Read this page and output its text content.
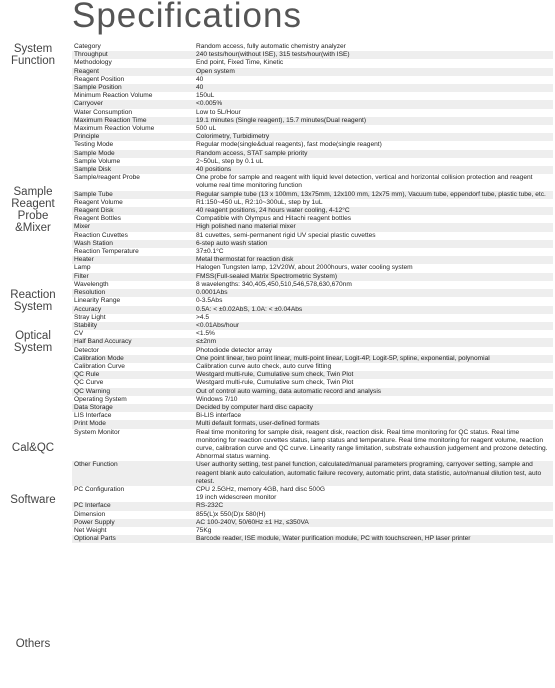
Specifications
System
Function
Sample
Reagent
Probe
&Mixer
Reaction
System
Optical
System
Cal&QC
Software
Others
Category	Random access, fully automatic chemistry analyzer
Throughput	240 tests/hour(without ISE), 315 tests/hour(with ISE)
Methodology	End point, Fixed Time, Kinetic
Reagent	Open system
Reagent Position	40
Sample Position	40
Minimum Reaction Volume	150uL
Carryover	<0.005%
Water Consumption	Low to 5L/Hour
Maximum Reaction Time	19.1 minutes (Single reagent), 15.7 minutes(Dual reagent)
Maximum Reaction Volume	500 uL
Principle	Colorimetry, Turbidimetry
Testing Mode	Regular mode(single&dual reagents), fast mode(single reagent)
Sample Mode	Random access, STAT sample priority
Sample Volume	2~50uL, step by 0.1 uL
Sample Disk	40 positions
Sample/reagent Probe	One probe for sample and reagent with liquid level detection, vertical and horizontal collision protection and reagent volume real time monitoring function
Sample Tube	Regular sample tube (13 x 100mm, 13x75mm, 12x100 mm, 12x75 mm), Vacuum tube, eppendorf tube, plastic tube, etc.
Reagent Volume	R1:150~450 uL, R2:10~300uL, step by 1uL
Reagent Disk	40 reagent positions, 24 hours water cooling, 4-12°C
Reagent Bottles	Compatible with Olympus and Hitachi reagent bottles
Mixer	High polished nano material mixer
Reaction Cuvettes	81 cuvettes, semi-permanent rigid UV special plastic cuvettes
Wash Station	6-step auto wash station
Reaction Temperature	37±0.1°C
Heater	Metal thermostat for reaction disk
Lamp	Halogen Tungsten lamp, 12V20W, about 2000hours, water cooling system
Filter	FMSS(Full-sealed Matrix Spectrometric System)
Wavelength	8 wavelengths: 340,405,450,510,546,578,630,670nm
Resolution	0.0001Abs
Linearity Range	0-3.5Abs
Accuracy	0.5A: < ±0.02AbS, 1.0A: < ±0.04Abs
Stray Light	>4.5
Stability	<0.01Abs/hour
CV	<1.5%
Half Band Accuracy	≤±2nm
Detector	Photodiode detector array
Calibration Mode	One point linear, two point linear, multi-point linear, Logit-4P, Logit-5P, spline, exponential, polynomial
Calibration Curve	Calibration curve auto check, auto curve fitting
QC Rule	Westgard multi-rule, Cumulative sum check, Twin Plot
QC Curve	Westgard multi-rule, Cumulative sum check, Twin Plot
QC Warning	Out of control auto warning, data automatic record and analysis
Operating System	Windows 7/10
Data Storage	Decided by computer hard disc capacity
LIS Interface	Bi-LIS interface
Print Mode	Multi default formats, user-defined formats
System Monitor	Real time monitoring for sample disk, reagent disk, reaction disk. Real time monitoring for QC status. Real time monitoring for reaction cuvettes status, lamp status and temperature. Real time monitoring for reagent volume, reaction curve, calibration curve and QC curve. Linearity range limitation, substrate exhaustion judgement and prozone detecting. Abnormal status warning.
Other Function	User authority setting, test panel function, calculated/manual parameters programing, carryover setting, sample and reagent blank auto calculation, automatic failure recovery, automatic print, data statistic, auto/manual dilution test, auto retest.
PC Configuration	CPU 2.5GHz, memory 4GB, hard disc 500G
19 inch widescreen monitor
PC Interface	RS-232C
Dimension	855(L)x 550(D)x 580(H)
Power Supply	AC 100-240V, 50/60Hz ±1 Hz, ≤350VA
Net Weight	75Kg
Optional Parts	Barcode reader, ISE module, Water purification module, PC with touchscreen, HP laser printer
